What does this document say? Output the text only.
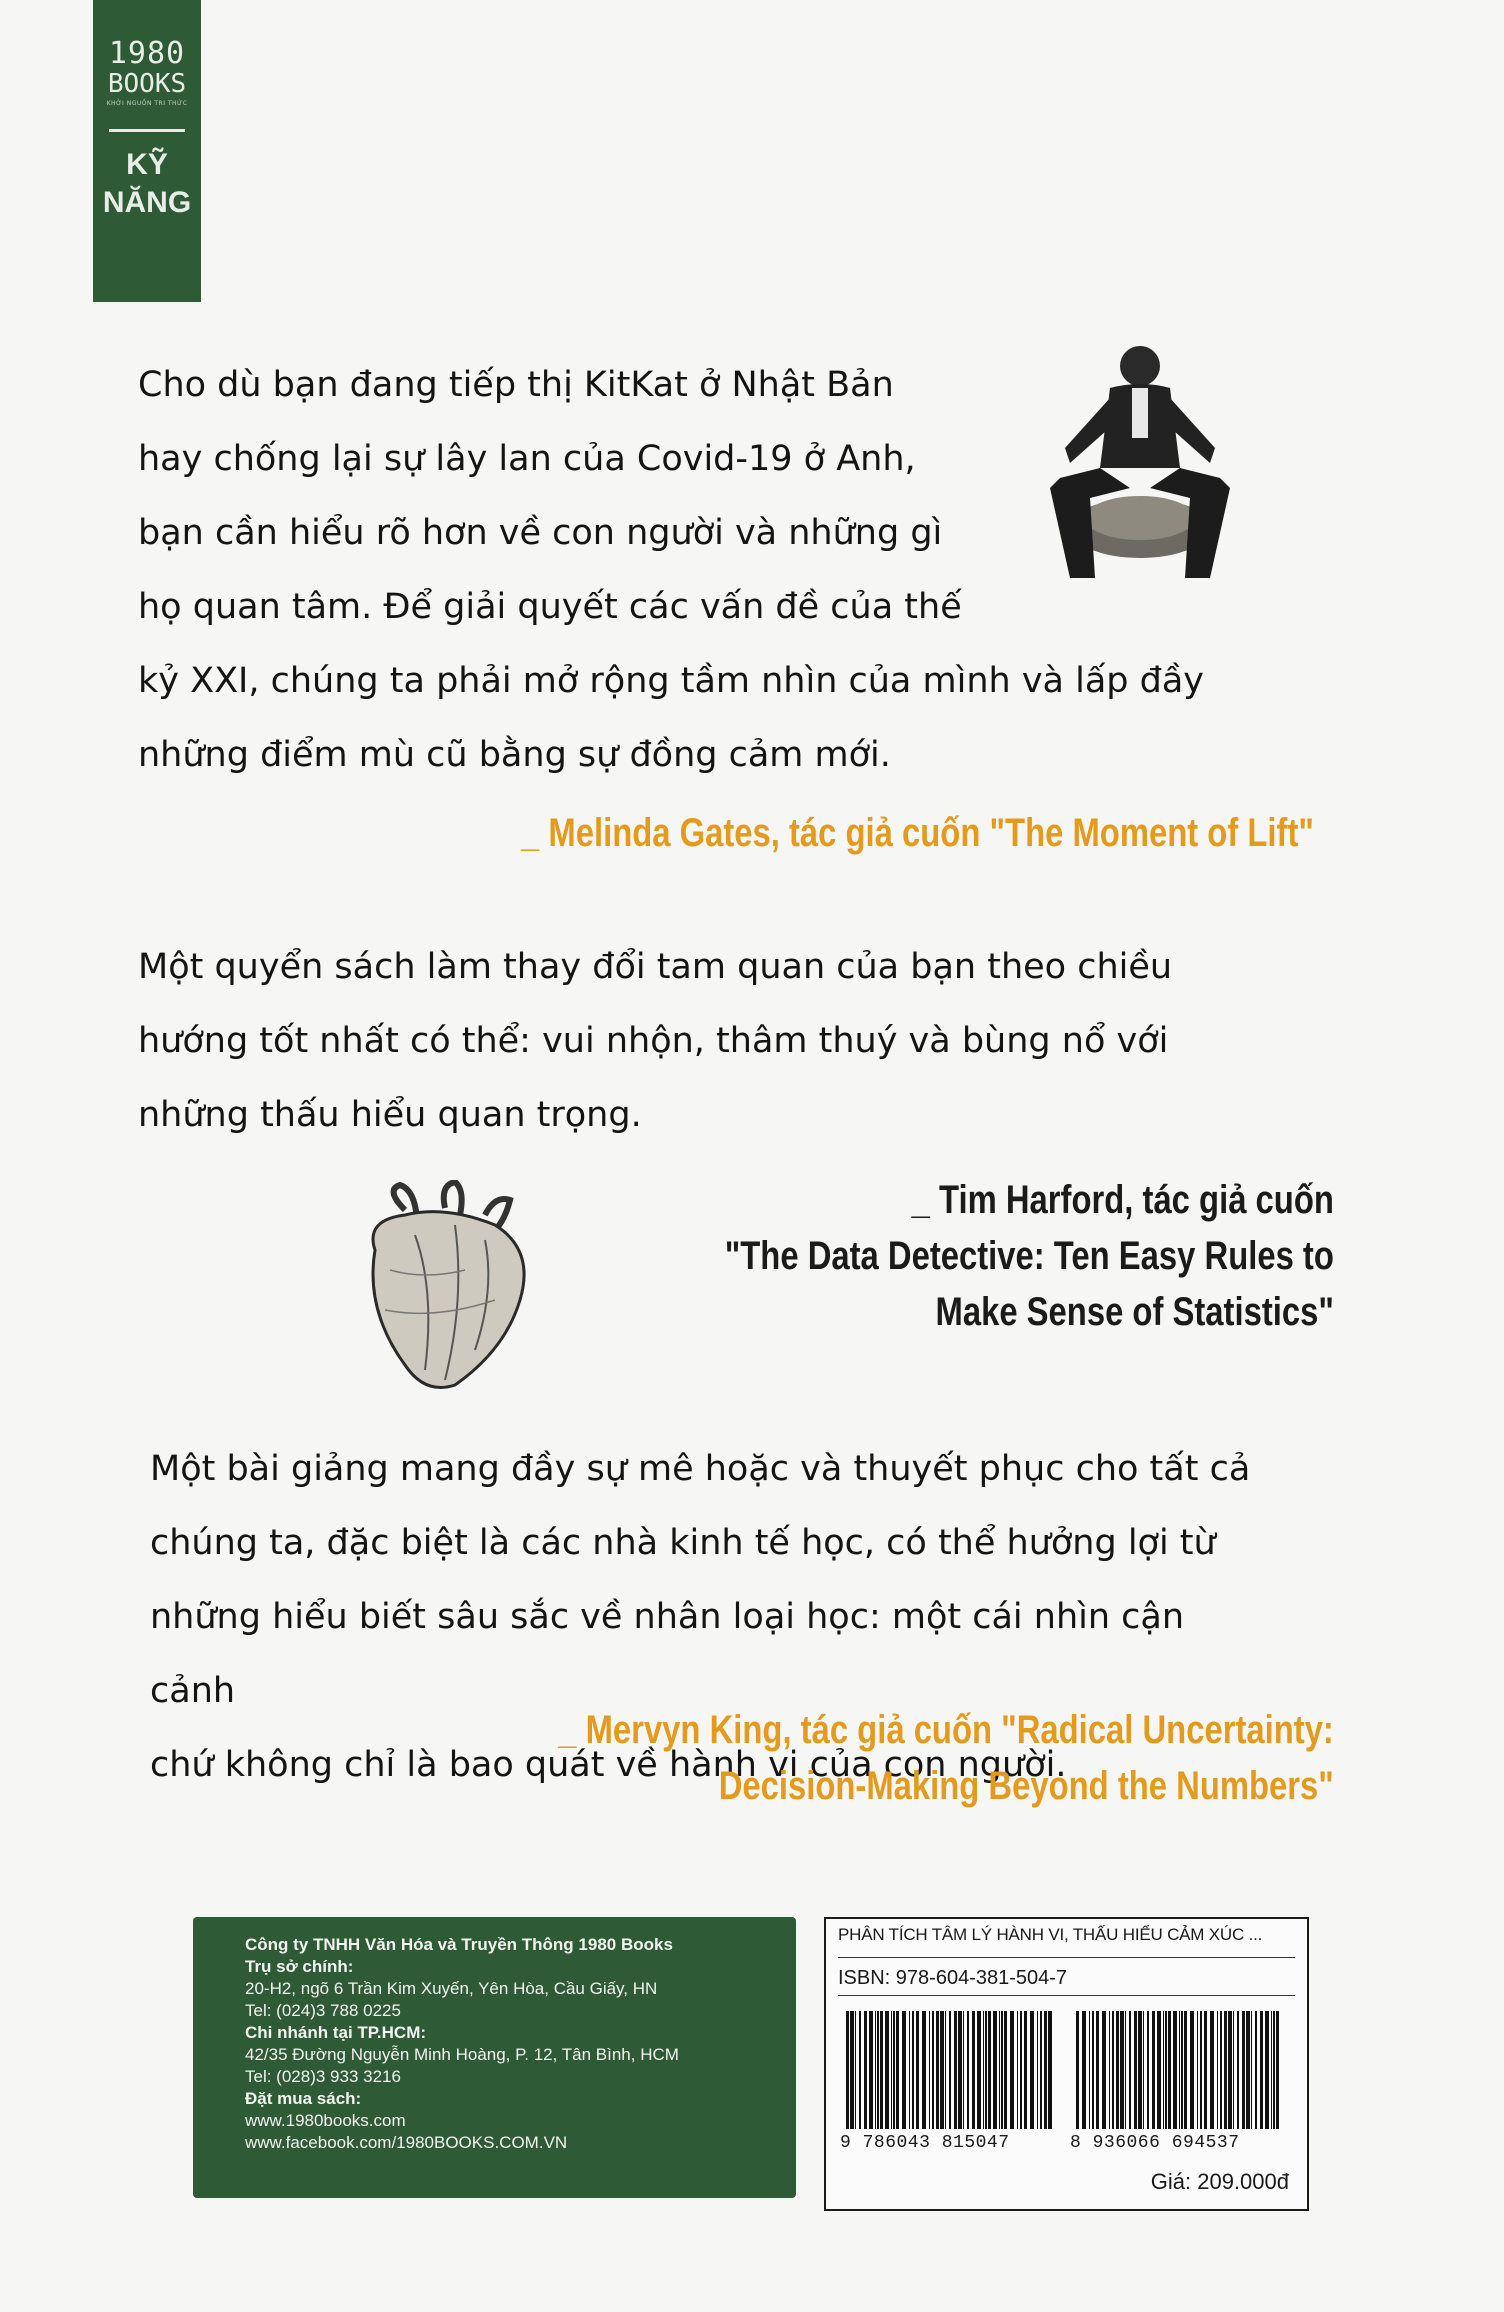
1980
BOOKS
KHỞI NGUỒN TRI THỨC
KỸ
NĂNG
Cho dù bạn đang tiếp thị KitKat ở Nhật Bản
hay chống lại sự lây lan của Covid-19 ở Anh,
bạn cần hiểu rõ hơn về con người và những gì
họ quan tâm. Để giải quyết các vấn đề của thế
kỷ XXI, chúng ta phải mở rộng tầm nhìn của mình và lấp đầy
những điểm mù cũ bằng sự đồng cảm mới.
_ Melinda Gates, tác giả cuốn "The Moment of Lift"
Một quyển sách làm thay đổi tam quan của bạn theo chiều
hướng tốt nhất có thể: vui nhộn, thâm thuý và bùng nổ với
những thấu hiểu quan trọng.
_ Tim Harford, tác giả cuốn
"The Data Detective: Ten Easy Rules to
Make Sense of Statistics"
Một bài giảng mang đầy sự mê hoặc và thuyết phục cho tất cả
chúng ta, đặc biệt là các nhà kinh tế học, có thể hưởng lợi từ
những hiểu biết sâu sắc về nhân loại học: một cái nhìn cận cảnh
chứ không chỉ là bao quát về hành vi của con người.
_ Mervyn King, tác giả cuốn "Radical Uncertainty:
Decision-Making Beyond the Numbers"
Công ty TNHH Văn Hóa và Truyền Thông 1980 Books
Trụ sở chính:
20-H2, ngõ 6 Trần Kim Xuyến, Yên Hòa, Cầu Giấy, HN
Tel: (024)3 788 0225
Chi nhánh tại TP.HCM:
42/35 Đường Nguyễn Minh Hoàng, P. 12, Tân Bình, HCM
Tel: (028)3 933 3216
Đặt mua sách:
www.1980books.com
www.facebook.com/1980BOOKS.COM.VN
PHÂN TÍCH TÂM LÝ HÀNH VI, THẤU HIỂU CẢM XÚC ...
ISBN: 978-604-381-504-7
9 786043 815047	8 936066 694537
Giá: 209.000đ
